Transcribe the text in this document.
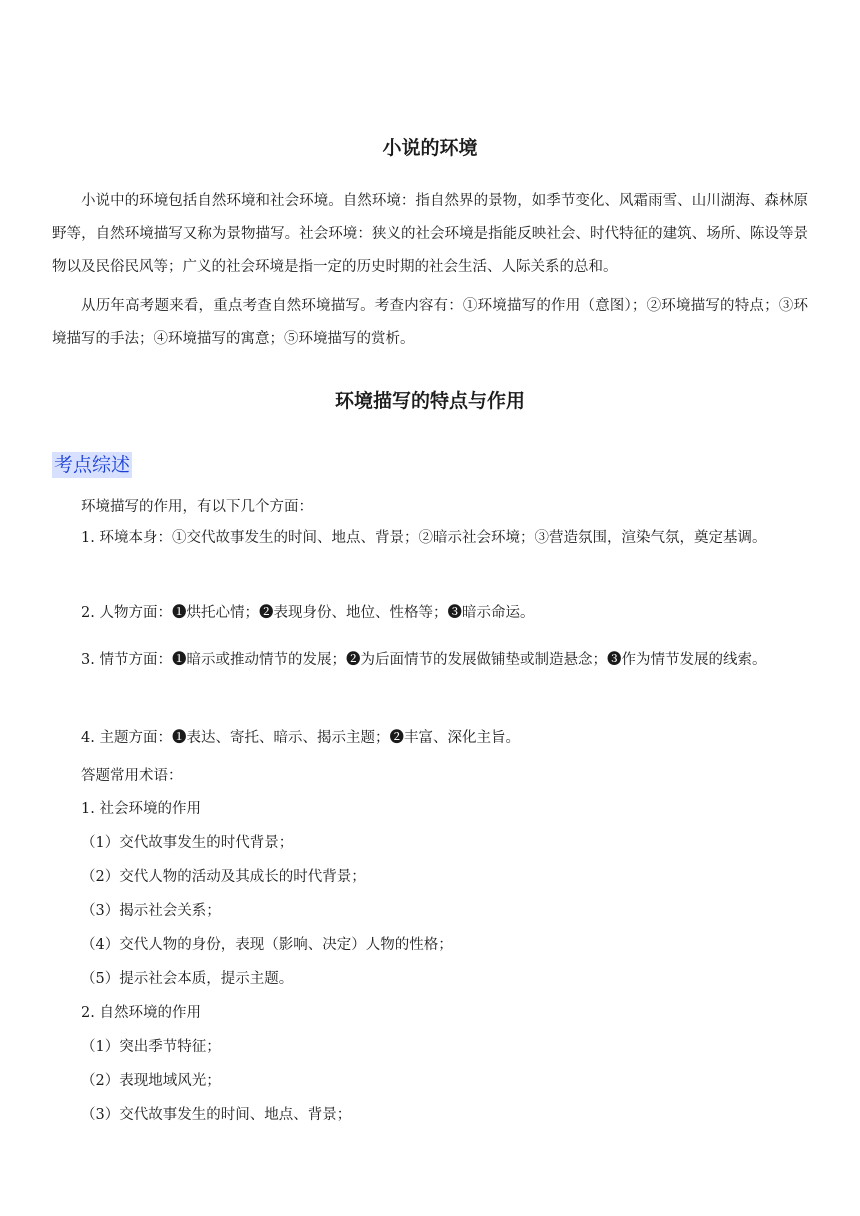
小说的环境

小说中的环境包括自然环境和社会环境。自然环境：指自然界的景物，如季节变化、风霜雨雪、山川湖海、森林原野等，自然环境描写又称为景物描写。社会环境：狭义的社会环境是指能反映社会、时代特征的建筑、场所、陈设等景物以及民俗民风等；广义的社会环境是指一定的历史时期的社会生活、人际关系的总和。

从历年高考题来看，重点考查自然环境描写。考查内容有：①环境描写的作用（意图）；②环境描写的特点；③环境描写的手法；④环境描写的寓意；⑤环境描写的赏析。

环境描写的特点与作用
考点综述

环境描写的作用，有以下几个方面：

1. 环境本身：①交代故事发生的时间、地点、背景；②暗示社会环境；③营造氛围，渲染气氛，奠定基调。

2. 人物方面：➊烘托心情；➋表现身份、地位、性格等；➌暗示命运。

3. 情节方面：➊暗示或推动情节的发展；➋为后面情节的发展做铺垫或制造悬念；➌作为情节发展的线索。

4. 主题方面：➊表达、寄托、暗示、揭示主题；➋丰富、深化主旨。

答题常用术语：

1. 社会环境的作用

（1）交代故事发生的时代背景；

（2）交代人物的活动及其成长的时代背景；

（3）揭示社会关系；

（4）交代人物的身份，表现（影响、决定）人物的性格；

（5）提示社会本质，提示主题。

2. 自然环境的作用

（1）突出季节特征；

（2）表现地域风光；

（3）交代故事发生的时间、地点、背景；
